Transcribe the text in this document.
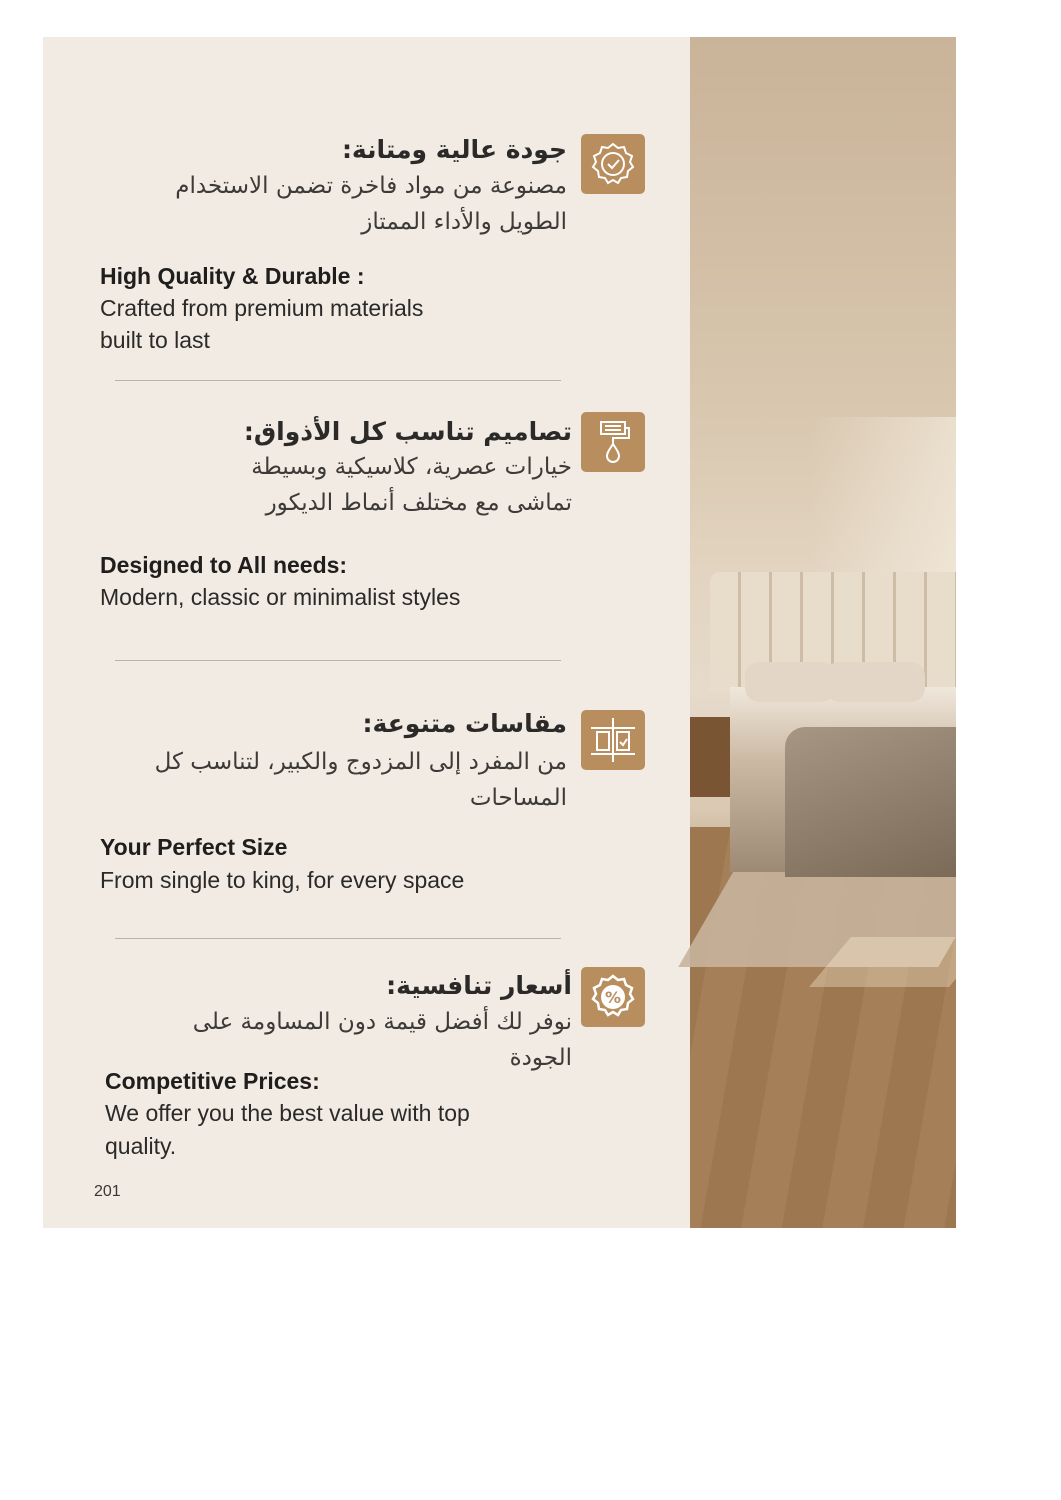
جودة عالية ومتانة:
مصنوعة من مواد فاخرة تضمن الاستخدام
الطويل والأداء الممتاز
High Quality & Durable :
Crafted from premium materials
built to last
تصاميم تناسب كل الأذواق:
خيارات عصرية، كلاسيكية وبسيطة
تماشى مع مختلف أنماط الديكور
Designed to All needs:
Modern, classic or minimalist styles
مقاسات متنوعة:
من المفرد إلى المزدوج والكبير، لتناسب كل
المساحات
Your Perfect Size
From single to king, for every space
%
أسعار تنافسية:
نوفر لك أفضل قيمة دون المساومة على
الجودة
Competitive Prices:
We offer you the best value with top
quality.
201
